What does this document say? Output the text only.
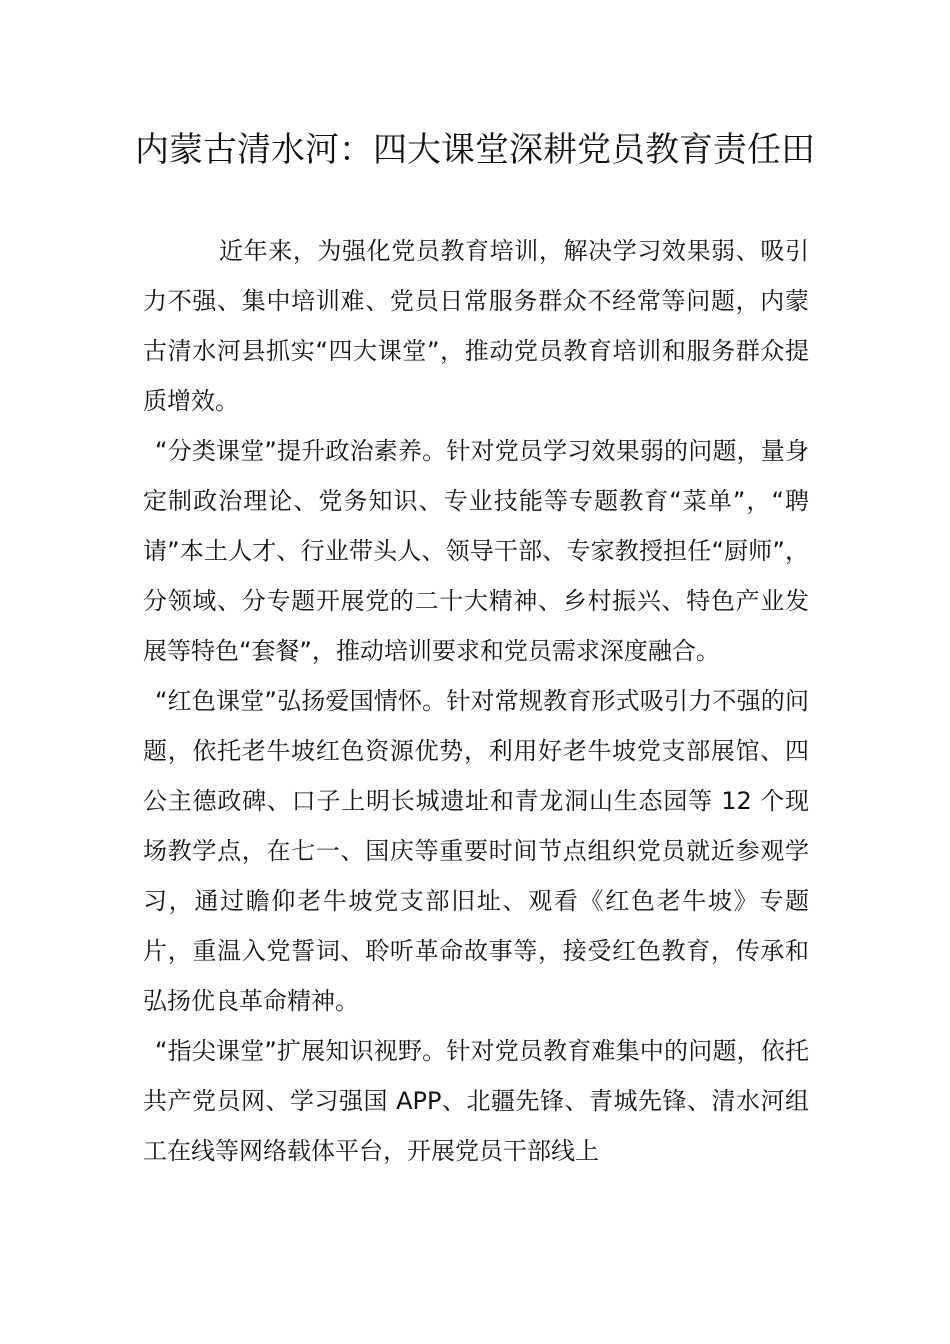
内蒙古清水河：四大课堂深耕党员教育责任田

近年来，为强化党员教育培训，解决学习效果弱、吸引力不强、集中培训难、党员日常服务群众不经常等问题，内蒙古清水河县抓实“四大课堂”，推动党员教育培训和服务群众提质增效。

“分类课堂”提升政治素养。针对党员学习效果弱的问题，量身定制政治理论、党务知识、专业技能等专题教育“菜单”，“聘请”本土人才、行业带头人、领导干部、专家教授担任“厨师”，分领域、分专题开展党的二十大精神、乡村振兴、特色产业发展等特色“套餐”，推动培训要求和党员需求深度融合。

“红色课堂”弘扬爱国情怀。针对常规教育形式吸引力不强的问题，依托老牛坡红色资源优势，利用好老牛坡党支部展馆、四公主德政碑、口子上明长城遗址和青龙洞山生态园等 12 个现场教学点，在七一、国庆等重要时间节点组织党员就近参观学习，通过瞻仰老牛坡党支部旧址、观看《红色老牛坡》专题片，重温入党誓词、聆听革命故事等，接受红色教育，传承和弘扬优良革命精神。

“指尖课堂”扩展知识视野。针对党员教育难集中的问题，依托共产党员网、学习强国 APP、北疆先锋、青城先锋、清水河组工在线等网络载体平台，开展党员干部线上
